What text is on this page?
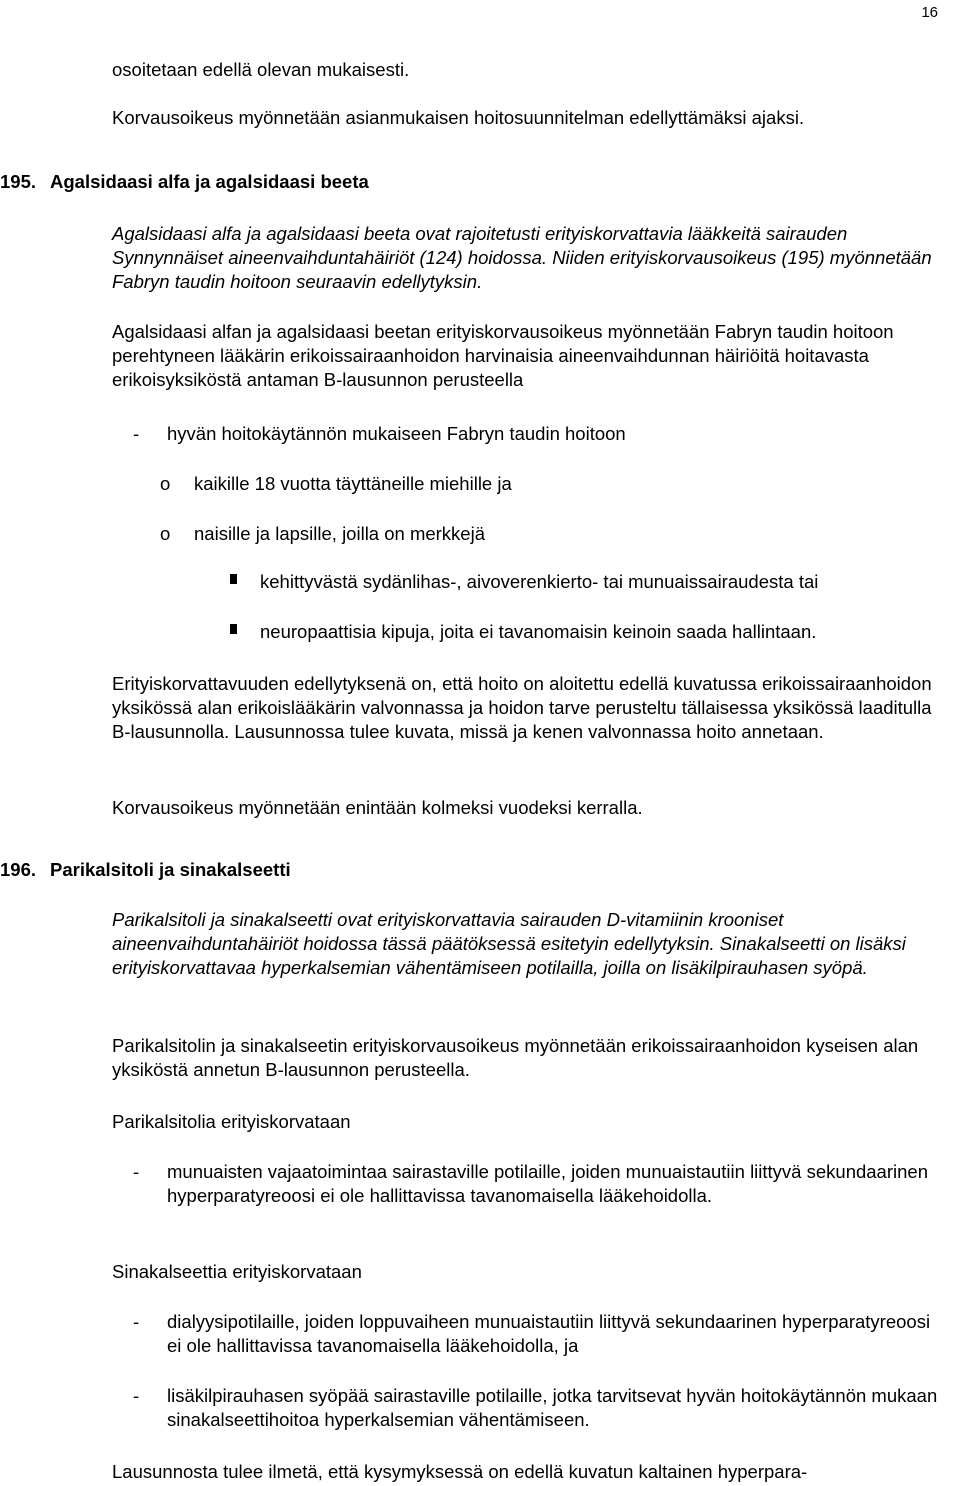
16

osoitetaan edellä olevan mukaisesti.

Korvausoikeus myönnetään asianmukaisen hoitosuunnitelman edellyttämäksi ajaksi.

195. Agalsidaasi alfa ja agalsidaasi beeta

Agalsidaasi alfa ja agalsidaasi beeta ovat rajoitetusti erityiskorvattavia lääkkeitä sairauden Synnynnäiset aineenvaihduntahäiriöt (124) hoidossa. Niiden erityiskorvausoikeus (195) myönnetään Fabryn taudin hoitoon seuraavin edellytyksin.

Agalsidaasi alfan ja agalsidaasi beetan erityiskorvausoikeus myönnetään Fabryn taudin hoitoon perehtyneen lääkärin erikoissairaanhoidon harvinaisia aineenvaihdunnan häiriöitä hoitavasta erikoisyksiköstä antaman B-lausunnon perusteella

- hyvän hoitokäytännön mukaiseen Fabryn taudin hoitoon

o kaikille 18 vuotta täyttäneille miehille ja

o naisille ja lapsille, joilla on merkkejä

kehittyvästä sydänlihas-, aivoverenkierto- tai munuaissairaudesta tai

neuropaattisia kipuja, joita ei tavanomaisin keinoin saada hallintaan.

Erityiskorvattavuuden edellytyksenä on, että hoito on aloitettu edellä kuvatussa erikoissairaanhoidon yksikössä alan erikoislääkärin valvonnassa ja hoidon tarve perusteltu tällaisessa yksikössä laaditulla B-lausunnolla. Lausunnossa tulee kuvata, missä ja kenen valvonnassa hoito annetaan.

Korvausoikeus myönnetään enintään kolmeksi vuodeksi kerralla.

196. Parikalsitoli ja sinakalseetti

Parikalsitoli ja sinakalseetti ovat erityiskorvattavia sairauden D-vitamiinin krooniset aineenvaihduntahäiriöt hoidossa tässä päätöksessä esitetyin edellytyksin. Sinakalseetti on lisäksi erityiskorvattavaa hyperkalsemian vähentämiseen potilailla, joilla on lisäkilpirauhasen syöpä.

Parikalsitolin ja sinakalseetin erityiskorvausoikeus myönnetään erikoissairaanhoidon kyseisen alan yksiköstä annetun B-lausunnon perusteella.

Parikalsitolia erityiskorvataan

- munuaisten vajaatoimintaa sairastaville potilaille, joiden munuaistautiin liittyvä sekundaarinen hyperparatyreoosi ei ole hallittavissa tavanomaisella lääkehoidolla.

Sinakalseettia erityiskorvataan

- dialyysipotilaille, joiden loppuvaiheen munuaistautiin liittyvä sekundaarinen hyperparatyreoosi ei ole hallittavissa tavanomaisella lääkehoidolla, ja

- lisäkilpirauhasen syöpää sairastaville potilaille, jotka tarvitsevat hyvän hoitokäytännön mukaan sinakalseettihoitoa hyperkalsemian vähentämiseen.

Lausunnosta tulee ilmetä, että kysymyksessä on edellä kuvatun kaltainen hyperpara-
